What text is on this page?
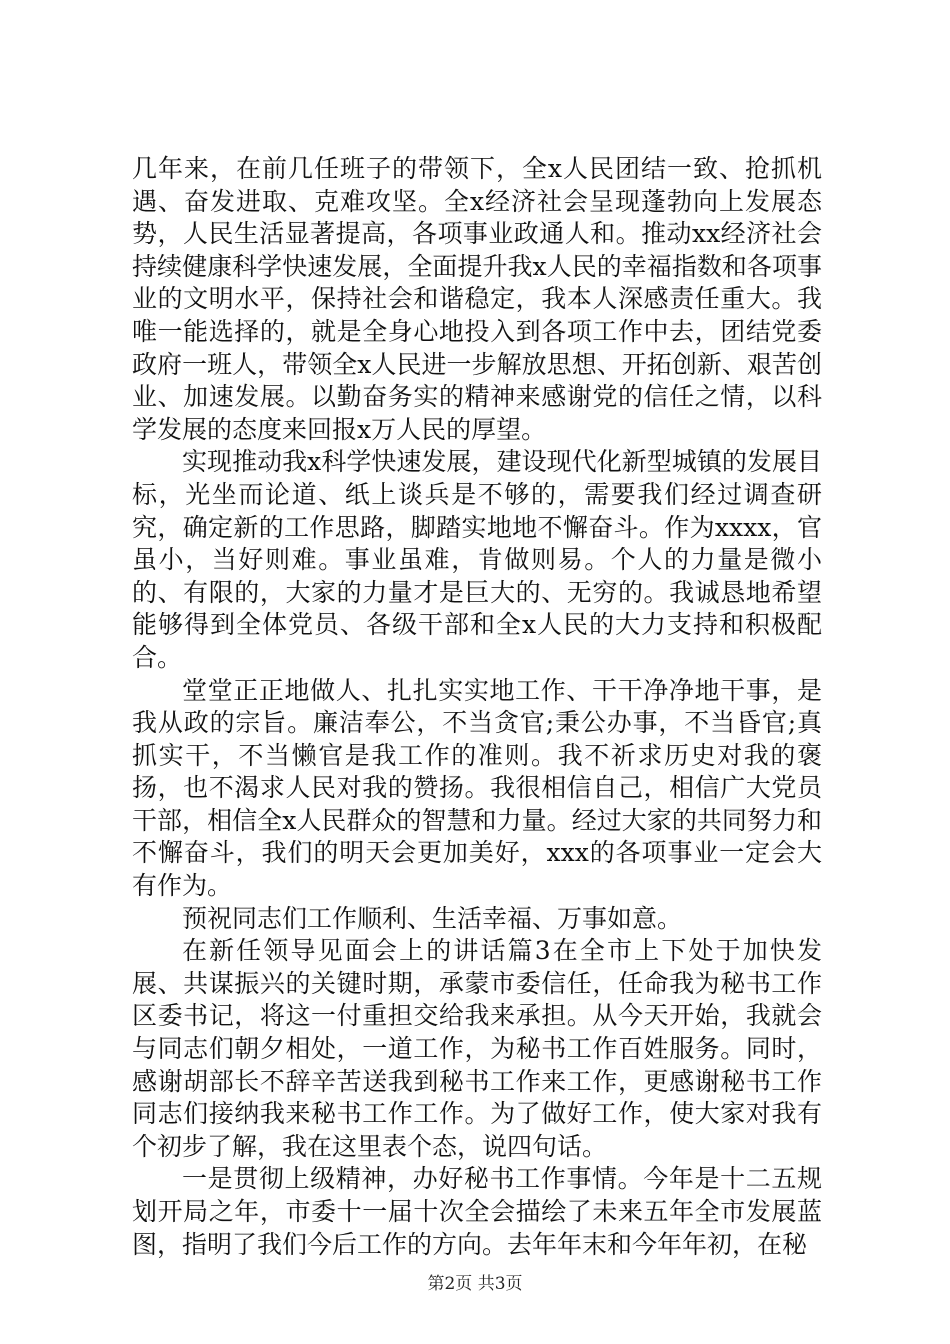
几年来，在前几任班子的带领下，全x人民团结一致、抢抓机遇、奋发进取、克难攻坚。全x经济社会呈现蓬勃向上发展态势，人民生活显著提高，各项事业政通人和。推动xx经济社会持续健康科学快速发展，全面提升我x人民的幸福指数和各项事业的文明水平，保持社会和谐稳定，我本人深感责任重大。我唯一能选择的，就是全身心地投入到各项工作中去，团结党委政府一班人，带领全x人民进一步解放思想、开拓创新、艰苦创业、加速发展。以勤奋务实的精神来感谢党的信任之情，以科学发展的态度来回报x万人民的厚望。

实现推动我x科学快速发展，建设现代化新型城镇的发展目标，光坐而论道、纸上谈兵是不够的，需要我们经过调查研究，确定新的工作思路，脚踏实地地不懈奋斗。作为xxxx，官虽小，当好则难。事业虽难，肯做则易。个人的力量是微小的、有限的，大家的力量才是巨大的、无穷的。我诚恳地希望能够得到全体党员、各级干部和全x人民的大力支持和积极配合。

堂堂正正地做人、扎扎实实地工作、干干净净地干事，是我从政的宗旨。廉洁奉公，不当贪官;秉公办事，不当昏官;真抓实干，不当懒官是我工作的准则。我不祈求历史对我的褒扬，也不渴求人民对我的赞扬。我很相信自己，相信广大党员干部，相信全x人民群众的智慧和力量。经过大家的共同努力和不懈奋斗，我们的明天会更加美好，xxx的各项事业一定会大有作为。

预祝同志们工作顺利、生活幸福、万事如意。

在新任领导见面会上的讲话篇3在全市上下处于加快发展、共谋振兴的关键时期，承蒙市委信任，任命我为秘书工作区委书记，将这一付重担交给我来承担。从今天开始，我就会与同志们朝夕相处，一道工作，为秘书工作百姓服务。同时，感谢胡部长不辞辛苦送我到秘书工作来工作，更感谢秘书工作同志们接纳我来秘书工作工作。为了做好工作，使大家对我有个初步了解，我在这里表个态，说四句话。

一是贯彻上级精神，办好秘书工作事情。今年是十二五规划开局之年，市委十一届十次全会描绘了未来五年全市发展蓝图，指明了我们今后工作的方向。去年年末和今年年初，在秘

第2页 共3页
